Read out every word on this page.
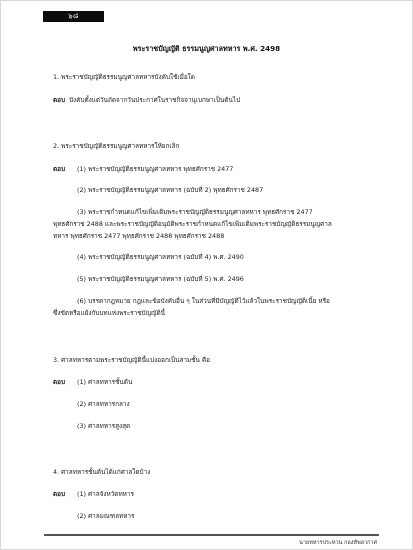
๖๘
พระราชบัญญัติ ธรรมนูญศาลทหาร พ.ศ. 2498
1. พระราชบัญญัติธรรมนูญศาลทหารบังคับใช้เมื่อใด
ตอบ บังคับตั้งแต่วันถัดจากวันประกาศในราชกิจจานุเบกษาเป็นต้นไป
2. พระราชบัญญัติธรรมนูญศาลทหารให้ยกเลิก
ตอบ (1) พระราชบัญญัติธรรมนูญศาลทหาร พุทธศักราช 2477
(2) พระราชบัญญัติธรรมนูญศาลทหาร (ฉบับที่ 2) พุทธศักราช 2487
(3) พระราชกำหนดแก้ไขเพิ่มเติมพระราชบัญญัติธรรมนูญศาลทหาร พุทธศักราช 2477
พุทธศักราช 2488 และพระราชบัญญัติอนุมัติพระราชกำหนดแก้ไขเพิ่มเติมพระราชบัญญัติธรรมนูญศาล
ทหาร พุทธศักราช 2477 พุทธศักราช 2488 พุทธศักราช 2488
(4) พระราชบัญญัติธรรมนูญศาลทหาร (ฉบับที่ 4) พ.ศ. 2490
(5) พระราชบัญญัติธรรมนูญศาลทหาร (ฉบับที่ 5) พ.ศ. 2496
(6) บรรดากฎหมาย กฎและข้อบังคับอื่น ๆ ในส่วนที่มีบัญญัติไว้แล้วในพระราชบัญญัติเนี้ย หรือ
ซึ่งขัดหรือแย้งกับบทแห่งพระราชบัญญัตินี้
3. ศาลทหารตามพระราชบัญญัตินี้แบ่งออกเป็นสามชั้น คือ
ตอบ (1) ศาลทหารชั้นต้น
(2) ศาลทหารกลาง
(3) ศาลทหารสูงสุด
4. ศาลทหารชั้นต้นได้แก่ศาลใดบ้าง
ตอบ (1) ศาลจังหวัดทหาร
(2) ศาลมณฑลทหาร
นายทหารประทวน กองทัพอากาศ
